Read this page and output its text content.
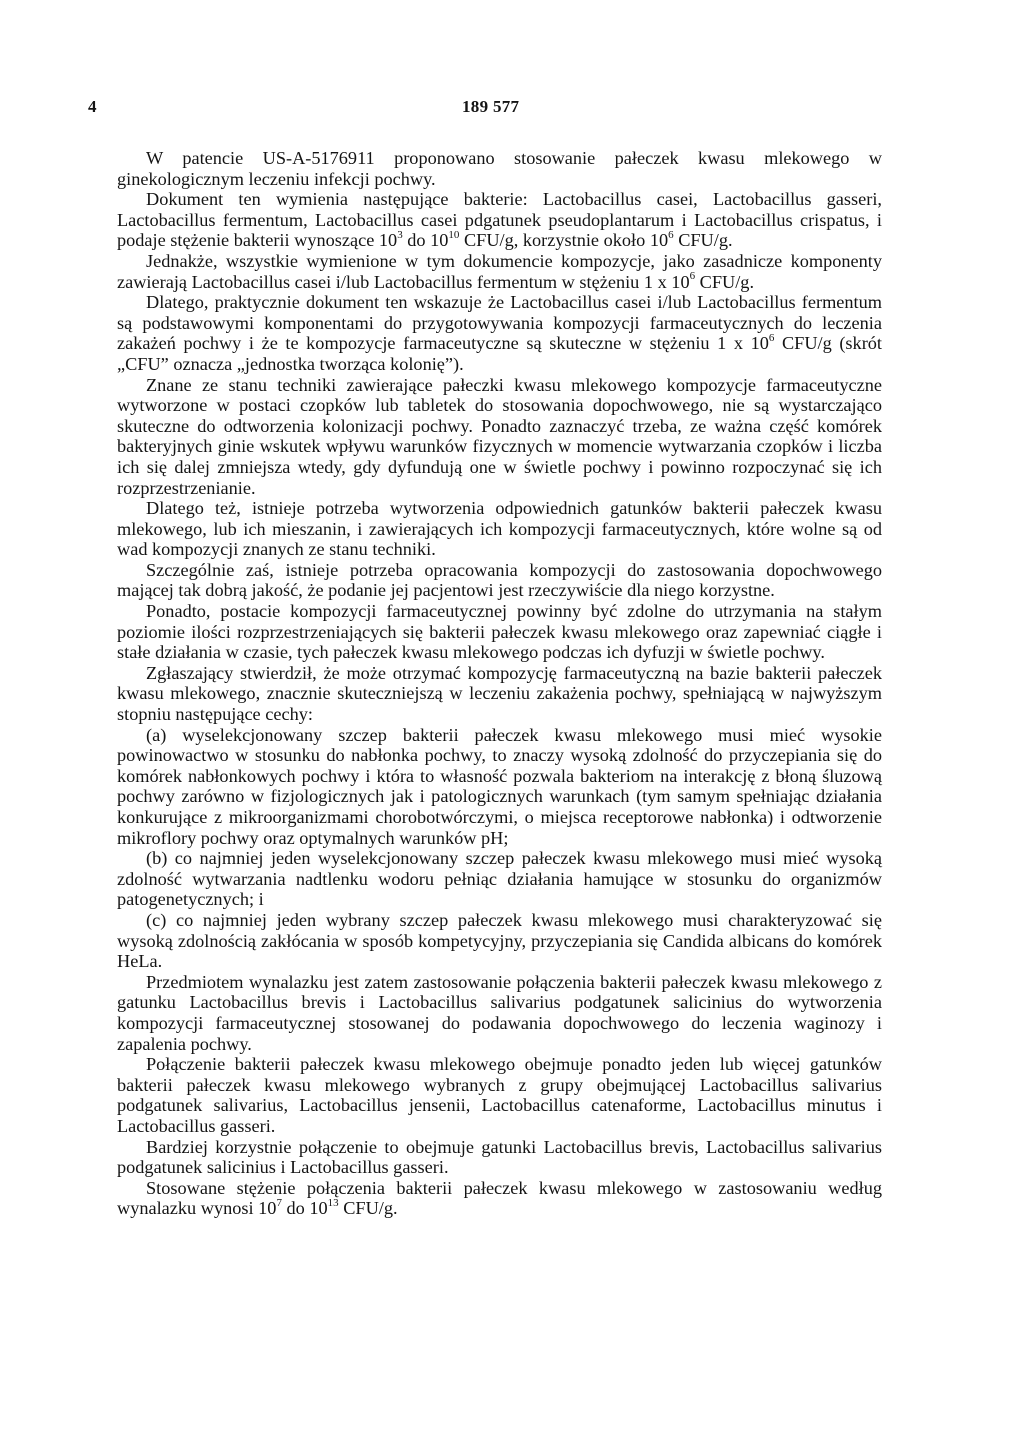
4	189 577

W patencie US-A-5176911 proponowano stosowanie pałeczek kwasu mlekowego w ginekologicznym leczeniu infekcji pochwy.

Dokument ten wymienia następujące bakterie: Lactobacillus casei, Lactobacillus gasseri, Lactobacillus fermentum, Lactobacillus casei pdgatunek pseudoplantarum i Lactobacillus crispatus, i podaje stężenie bakterii wynoszące $10^3$ do $10^{10}$ CFU/g, korzystnie około $10^6$ CFU/g.

Jednakże, wszystkie wymienione w tym dokumencie kompozycje, jako zasadnicze komponenty zawierają Lactobacillus casei i/lub Lactobacillus fermentum w stężeniu 1 x $10^6$ CFU/g.

Dlatego, praktycznie dokument ten wskazuje że Lactobacillus casei i/lub Lactobacillus fermentum są podstawowymi komponentami do przygotowywania kompozycji farmaceutycznych do leczenia zakażeń pochwy i że te kompozycje farmaceutyczne są skuteczne w stężeniu 1 x $10^6$ CFU/g (skrót „CFU” oznacza „jednostka tworząca kolonię”).

Znane ze stanu techniki zawierające pałeczki kwasu mlekowego kompozycje farmaceutyczne wytworzone w postaci czopków lub tabletek do stosowania dopochwowego, nie są wystarczająco skuteczne do odtworzenia kolonizacji pochwy. Ponadto zaznaczyć trzeba, ze ważna część komórek bakteryjnych ginie wskutek wpływu warunków fizycznych w momencie wytwarzania czopków i liczba ich się dalej zmniejsza wtedy, gdy dyfundują one w świetle pochwy i powinno rozpoczynać się ich rozprzestrzenianie.

Dlatego też, istnieje potrzeba wytworzenia odpowiednich gatunków bakterii pałeczek kwasu mlekowego, lub ich mieszanin, i zawierających ich kompozycji farmaceutycznych, które wolne są od wad kompozycji znanych ze stanu techniki.

Szczególnie zaś, istnieje potrzeba opracowania kompozycji do zastosowania dopochwowego mającej tak dobrą jakość, że podanie jej pacjentowi jest rzeczywiście dla niego korzystne.

Ponadto, postacie kompozycji farmaceutycznej powinny być zdolne do utrzymania na stałym poziomie ilości rozprzestrzeniających się bakterii pałeczek kwasu mlekowego oraz zapewniać ciągłe i stałe działania w czasie, tych pałeczek kwasu mlekowego podczas ich dyfuzji w świetle pochwy.

Zgłaszający stwierdził, że może otrzymać kompozycję farmaceutyczną na bazie bakterii pałeczek kwasu mlekowego, znacznie skuteczniejszą w leczeniu zakażenia pochwy, spełniającą w najwyższym stopniu następujące cechy:

(a) wyselekcjonowany szczep bakterii pałeczek kwasu mlekowego musi mieć wysokie powinowactwo w stosunku do nabłonka pochwy, to znaczy wysoką zdolność do przyczepiania się do komórek nabłonkowych pochwy i która to własność pozwala bakteriom na interakcję z błoną śluzową pochwy zarówno w fizjologicznych jak i patologicznych warunkach (tym samym spełniając działania konkurujące z mikroorganizmami chorobotwórczymi, o miejsca receptorowe nabłonka) i odtworzenie mikroflory pochwy oraz optymalnych warunków pH;

(b) co najmniej jeden wyselekcjonowany szczep pałeczek kwasu mlekowego musi mieć wysoką zdolność wytwarzania nadtlenku wodoru pełniąc działania hamujące w stosunku do organizmów patogenetycznych; i

(c) co najmniej jeden wybrany szczep pałeczek kwasu mlekowego musi charakteryzować się wysoką zdolnością zakłócania w sposób kompetycyjny, przyczepiania się Candida albicans do komórek HeLa.

Przedmiotem wynalazku jest zatem zastosowanie połączenia bakterii pałeczek kwasu mlekowego z gatunku Lactobacillus brevis i Lactobacillus salivarius podgatunek salicinius do wytworzenia kompozycji farmaceutycznej stosowanej do podawania dopochwowego do leczenia waginozy i zapalenia pochwy.

Połączenie bakterii pałeczek kwasu mlekowego obejmuje ponadto jeden lub więcej gatunków bakterii pałeczek kwasu mlekowego wybranych z grupy obejmującej Lactobacillus salivarius podgatunek salivarius, Lactobacillus jensenii, Lactobacillus catenaforme, Lactobacillus minutus i Lactobacillus gasseri.

Bardziej korzystnie połączenie to obejmuje gatunki Lactobacillus brevis, Lactobacillus salivarius podgatunek salicinius i Lactobacillus gasseri.

Stosowane stężenie połączenia bakterii pałeczek kwasu mlekowego w zastosowaniu według wynalazku wynosi $10^7$ do $10^{13}$ CFU/g.
